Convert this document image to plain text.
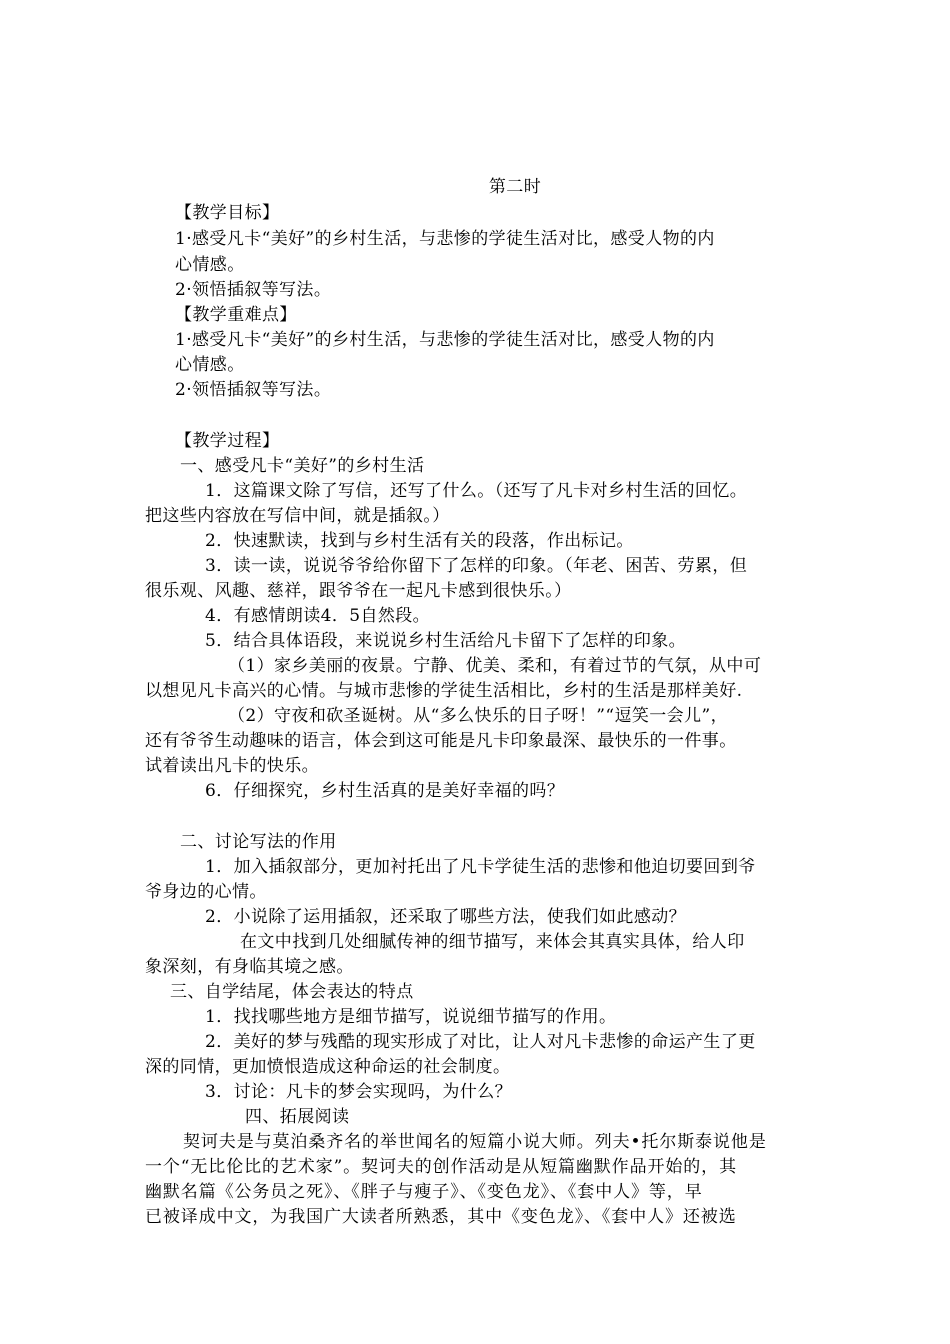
第二时
【教学目标】
1·感受凡卡“美好”的乡村生活，与悲惨的学徒生活对比，感受人物的内
心情感。
2·领悟插叙等写法。
【教学重难点】
1·感受凡卡“美好”的乡村生活，与悲惨的学徒生活对比，感受人物的内
心情感。
2·领悟插叙等写法。
【教学过程】
一、感受凡卡“美好”的乡村生活
1．这篇课文除了写信，还写了什么。（还写了凡卡对乡村生活的回忆。
把这些内容放在写信中间，就是插叙。）
2．快速默读，找到与乡村生活有关的段落，作出标记。
3．读一读，说说爷爷给你留下了怎样的印象。（年老、困苦、劳累，但
很乐观、风趣、慈祥，跟爷爷在一起凡卡感到很快乐。）
4．有感情朗读4．5自然段。
5．结合具体语段，来说说乡村生活给凡卡留下了怎样的印象。
（1）家乡美丽的夜景。宁静、优美、柔和，有着过节的气氛，从中可
以想见凡卡高兴的心情。与城市悲惨的学徒生活相比，乡村的生活是那样美好.
（2）守夜和砍圣诞树。从“多么快乐的日子呀！”“逗笑一会儿”，
还有爷爷生动趣味的语言，体会到这可能是凡卡印象最深、最快乐的一件事。
试着读出凡卡的快乐。
6．仔细探究，乡村生活真的是美好幸福的吗？
二、讨论写法的作用
1．加入插叙部分，更加衬托出了凡卡学徒生活的悲惨和他迫切要回到爷
爷身边的心情。
2．小说除了运用插叙，还采取了哪些方法，使我们如此感动？
在文中找到几处细腻传神的细节描写，来体会其真实具体，给人印
象深刻，有身临其境之感。
三、自学结尾，体会表达的特点
1．找找哪些地方是细节描写，说说细节描写的作用。
2．美好的梦与残酷的现实形成了对比，让人对凡卡悲惨的命运产生了更
深的同情，更加愤恨造成这种命运的社会制度。
3．讨论：凡卡的梦会实现吗，为什么？
四、拓展阅读
契诃夫是与莫泊桑齐名的举世闻名的短篇小说大师。列夫•托尔斯泰说他是
一个“无比伦比的艺术家”。契诃夫的创作活动是从短篇幽默作品开始的，其
幽默名篇《公务员之死》、《胖子与瘦子》、《变色龙》、《套中人》等，早
已被译成中文，为我国广大读者所熟悉，其中《变色龙》、《套中人》还被选
